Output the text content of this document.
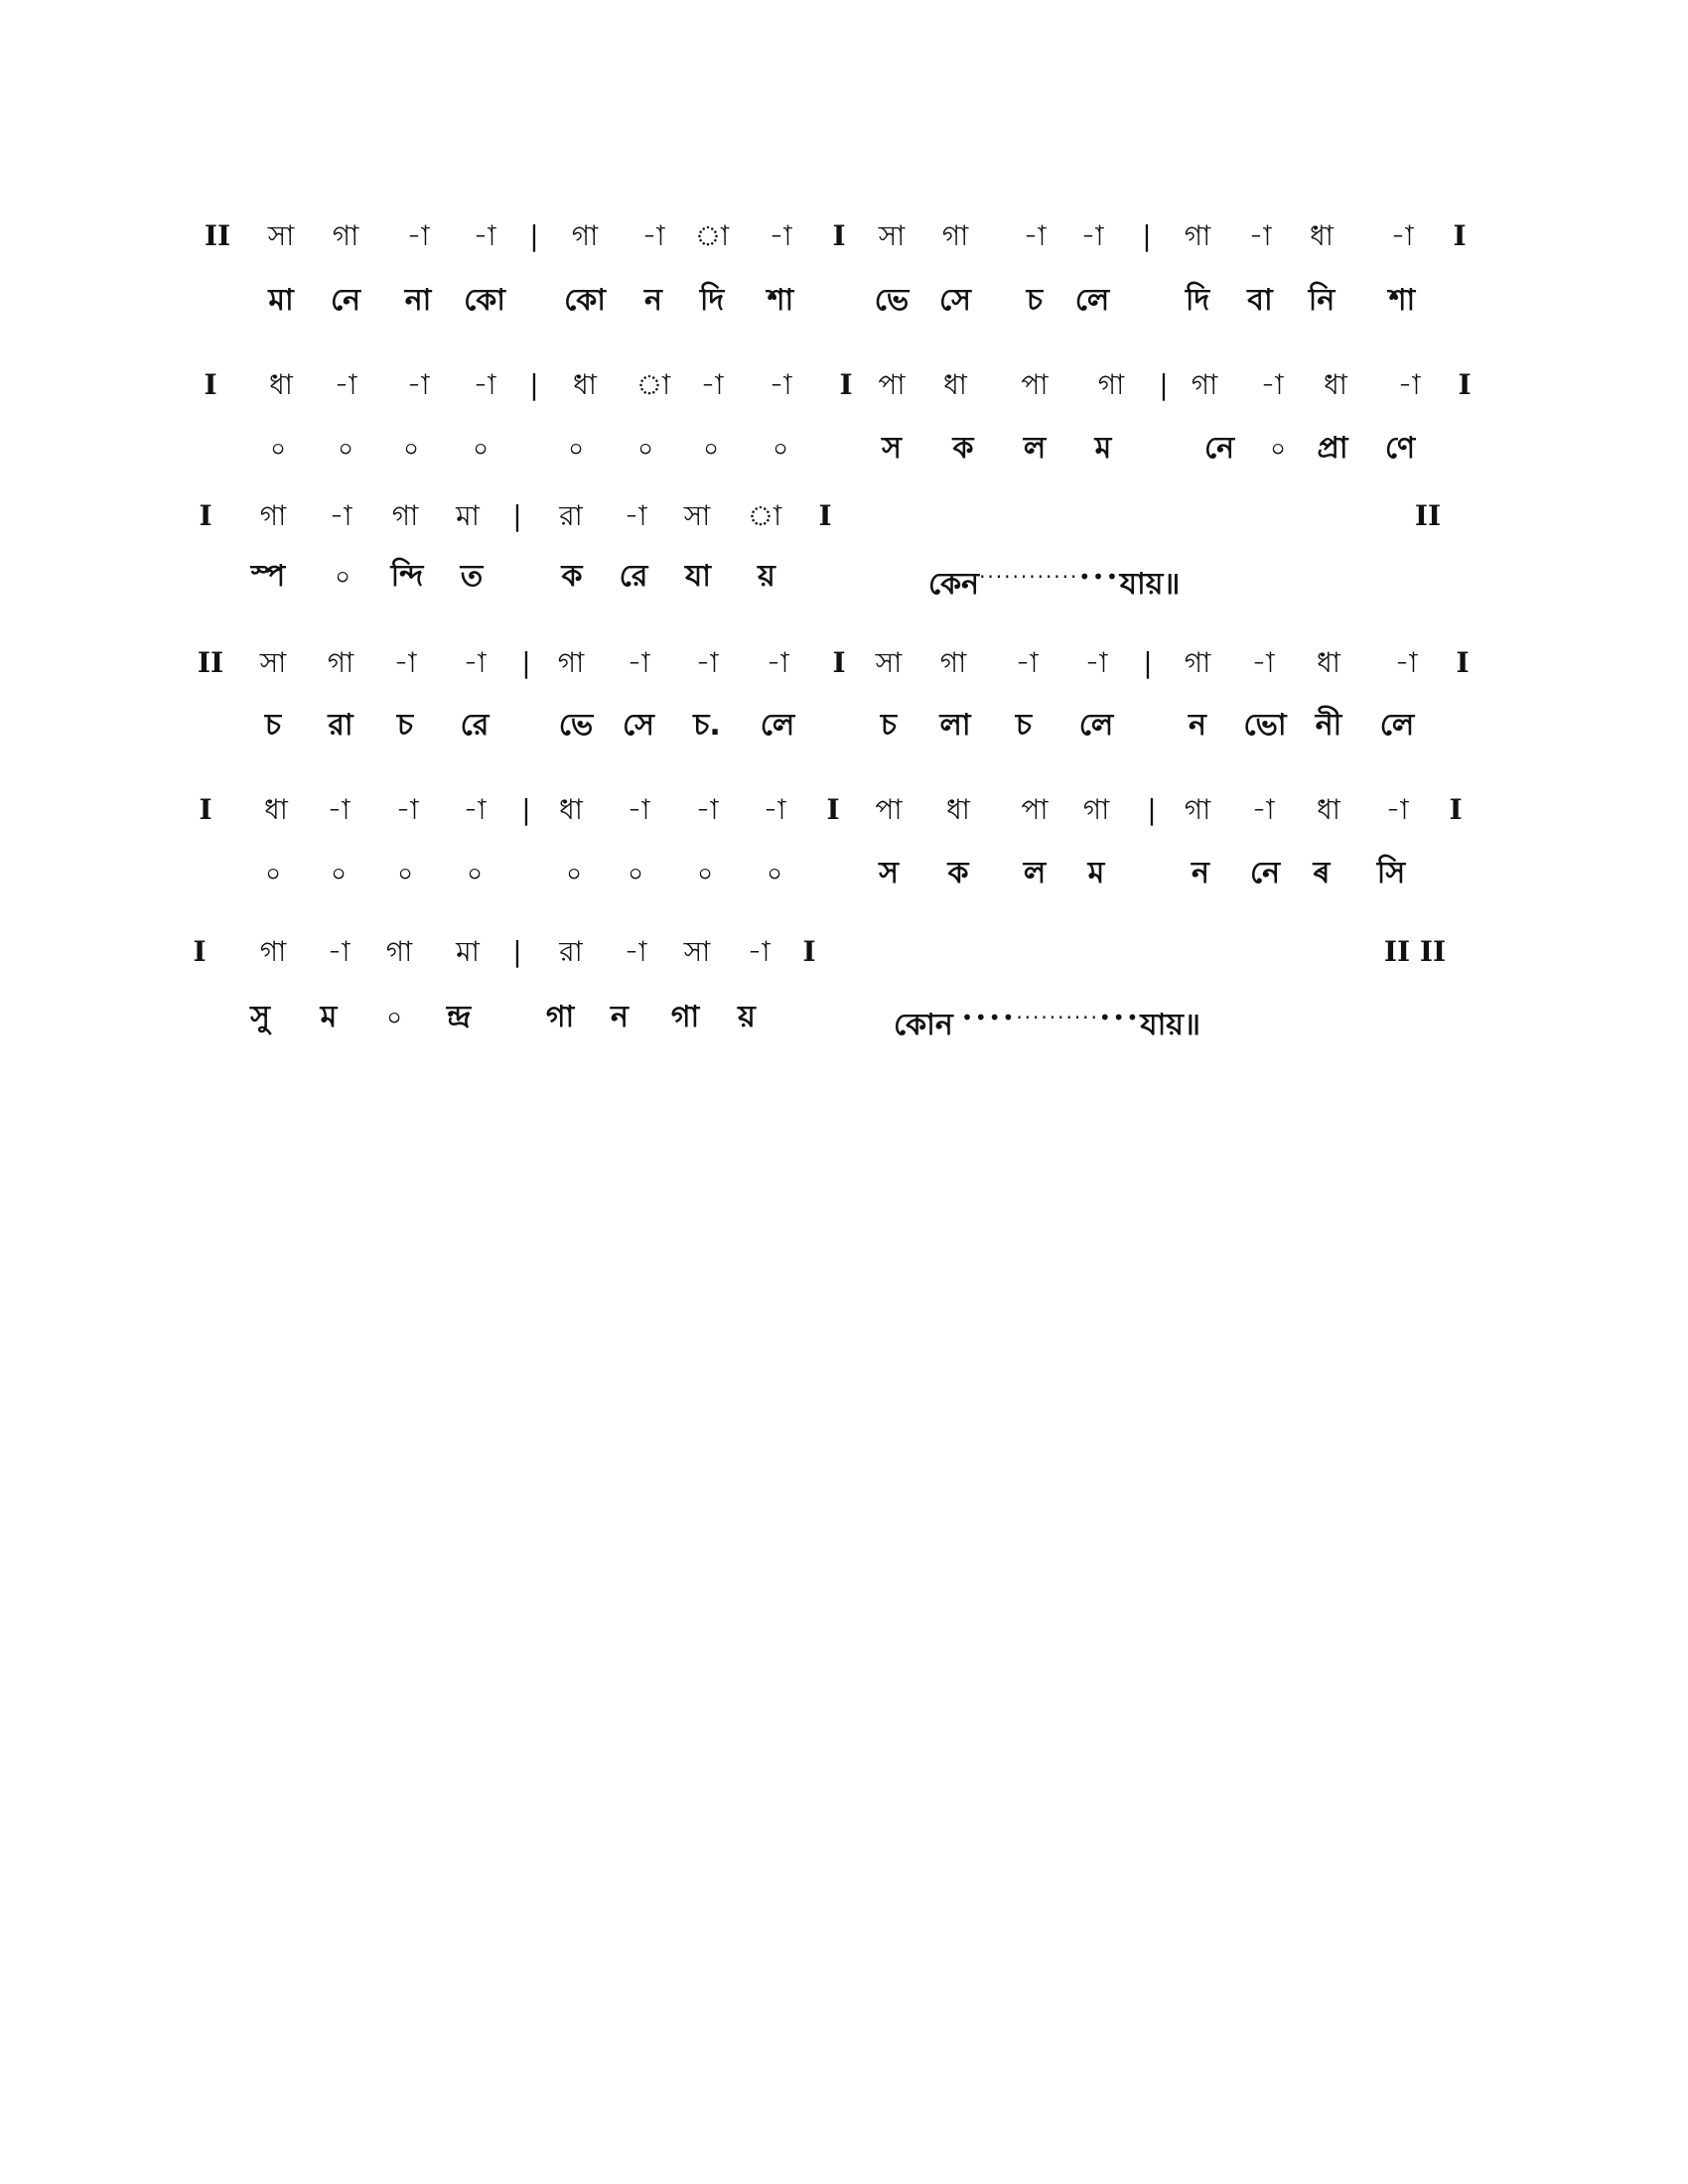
II সা গা -া -া | গা -া া -া I সা গা -া -া | গা -া ধা -া I
মা নে না কো কো ন দি শা	ভে সে চ লে	দি বা নি শা
I ধা -া -া -া | ধা া -া -া I পা ধা পা গা | গা -া ধা -া I
০ ০ ০ ০	০ ০ ০ ০	স ক ল ম	নে ০ প্রা ণে
I গা -া গা মা | রা -া সা া I	II
স্প ০ ন্দি ত	ক রে যা য়	কেন············•••যায়॥
II সা গা -া -া | গা -া -া -া I সা গা -া -া | গা -া ধা -া I
চ রা চ রে ভে সে চ. লে	চ লা চ লে	ন ভো নী লে
I ধা -া -া -া | ধা -া -া -া I পা ধা পা গা | গা -া ধা -া I
০ ০ ০ ০	০ ০ ০ ০	স ক ল ম	ন নে ৰ সি
I গা -া গা মা | রা -া সা -া I	II II
সু ম ০ ন্দ্র	গা ন গা য়	কোন ••••··········•••যায়॥
